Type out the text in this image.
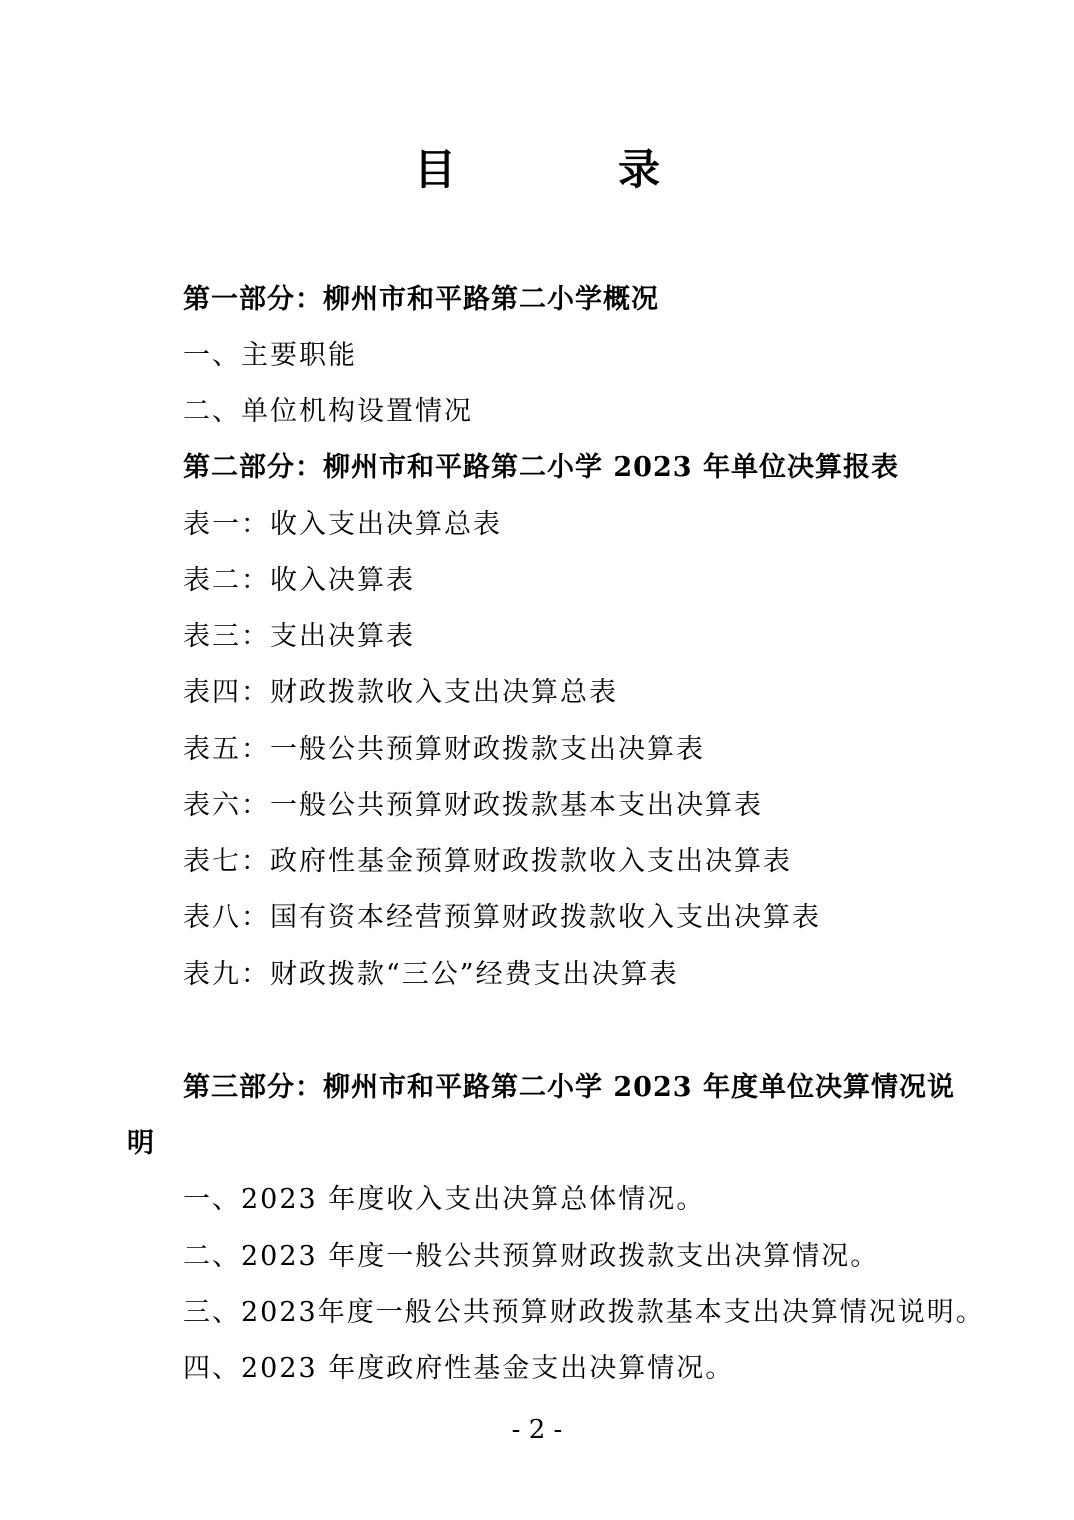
目　录
第一部分：柳州市和平路第二小学概况
一、主要职能
二、单位机构设置情况
第二部分：柳州市和平路第二小学 2023 年单位决算报表
表一：收入支出决算总表
表二：收入决算表
表三：支出决算表
表四：财政拨款收入支出决算总表
表五：一般公共预算财政拨款支出决算表
表六：一般公共预算财政拨款基本支出决算表
表七：政府性基金预算财政拨款收入支出决算表
表八：国有资本经营预算财政拨款收入支出决算表
表九：财政拨款“三公”经费支出决算表
第三部分：柳州市和平路第二小学 2023 年度单位决算情况说
明
一、2023 年度收入支出决算总体情况。
二、2023 年度一般公共预算财政拨款支出决算情况。
三、2023年度一般公共预算财政拨款基本支出决算情况说明。
四、2023 年度政府性基金支出决算情况。
- 2 -
